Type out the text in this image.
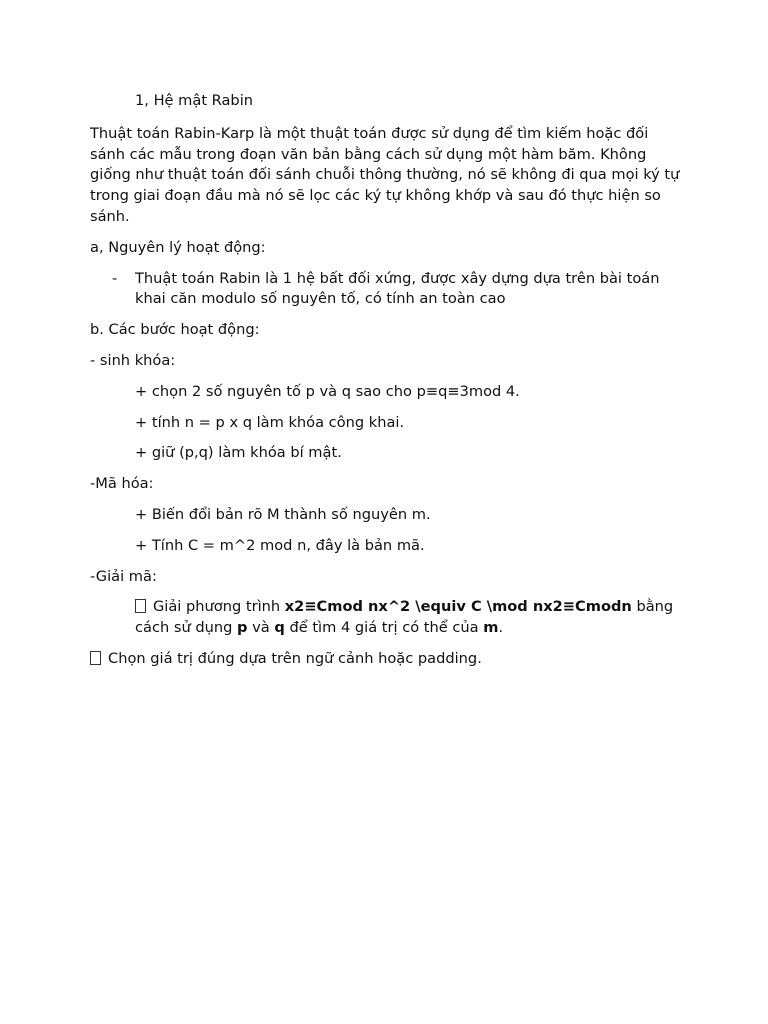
1, Hệ mật Rabin

Thuật toán Rabin-Karp là một thuật toán được sử dụng để tìm kiếm hoặc đối sánh các mẫu trong đoạn văn bản bằng cách sử dụng một hàm băm. Không giống như thuật toán đối sánh chuỗi thông thường, nó sẽ không đi qua mọi ký tự trong giai đoạn đầu mà nó sẽ lọc các ký tự không khớp và sau đó thực hiện so sánh.

a, Nguyên lý hoạt động:

- Thuật toán Rabin là 1 hệ bất đối xứng, được xây dựng dựa trên bài toán khai căn modulo số nguyên tố, có tính an toàn cao

b. Các bước hoạt động:

- sinh khóa:

+ chọn 2 số nguyên tố p và q sao cho p≡q≡3mod 4.

+ tính n = p x q làm khóa công khai.

+ giữ (p,q) làm khóa bí mật.

-Mã hóa:

+ Biến đổi bản rõ M thành số nguyên m.

+ Tính C = m^2 mod n, đây là bản mã.

-Giải mã:

Giải phương trình x2≡Cmod nx^2 \equiv C \mod nx2≡Cmodn bằng cách sử dụng p và q để tìm 4 giá trị có thể của m.

Chọn giá trị đúng dựa trên ngữ cảnh hoặc padding.
